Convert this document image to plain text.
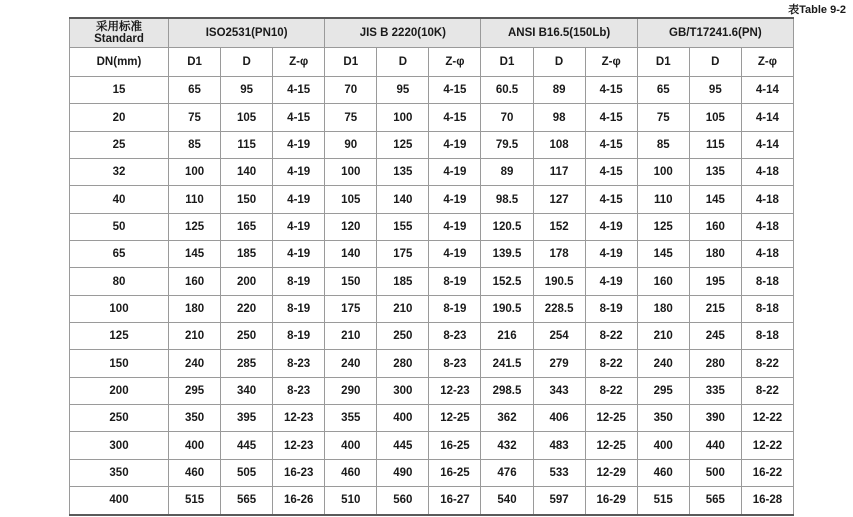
表Table 9-2
采用标准
Standard	ISO2531(PN10)			JIS B 2220(10K)			ANSI B16.5(150Lb)			GB/T17241.6(PN)		
DN(mm)	D1	D	Z-φ	D1	D	Z-φ	D1	D	Z-φ	D1	D	Z-φ
15	65	95	4-15	70	95	4-15	60.5	89	4-15	65	95	4-14
20	75	105	4-15	75	100	4-15	70	98	4-15	75	105	4-14
25	85	115	4-19	90	125	4-19	79.5	108	4-15	85	115	4-14
32	100	140	4-19	100	135	4-19	89	117	4-15	100	135	4-18
40	110	150	4-19	105	140	4-19	98.5	127	4-15	110	145	4-18
50	125	165	4-19	120	155	4-19	120.5	152	4-19	125	160	4-18
65	145	185	4-19	140	175	4-19	139.5	178	4-19	145	180	4-18
80	160	200	8-19	150	185	8-19	152.5	190.5	4-19	160	195	8-18
100	180	220	8-19	175	210	8-19	190.5	228.5	8-19	180	215	8-18
125	210	250	8-19	210	250	8-23	216	254	8-22	210	245	8-18
150	240	285	8-23	240	280	8-23	241.5	279	8-22	240	280	8-22
200	295	340	8-23	290	300	12-23	298.5	343	8-22	295	335	8-22
250	350	395	12-23	355	400	12-25	362	406	12-25	350	390	12-22
300	400	445	12-23	400	445	16-25	432	483	12-25	400	440	12-22
350	460	505	16-23	460	490	16-25	476	533	12-29	460	500	16-22
400	515	565	16-26	510	560	16-27	540	597	16-29	515	565	16-28
